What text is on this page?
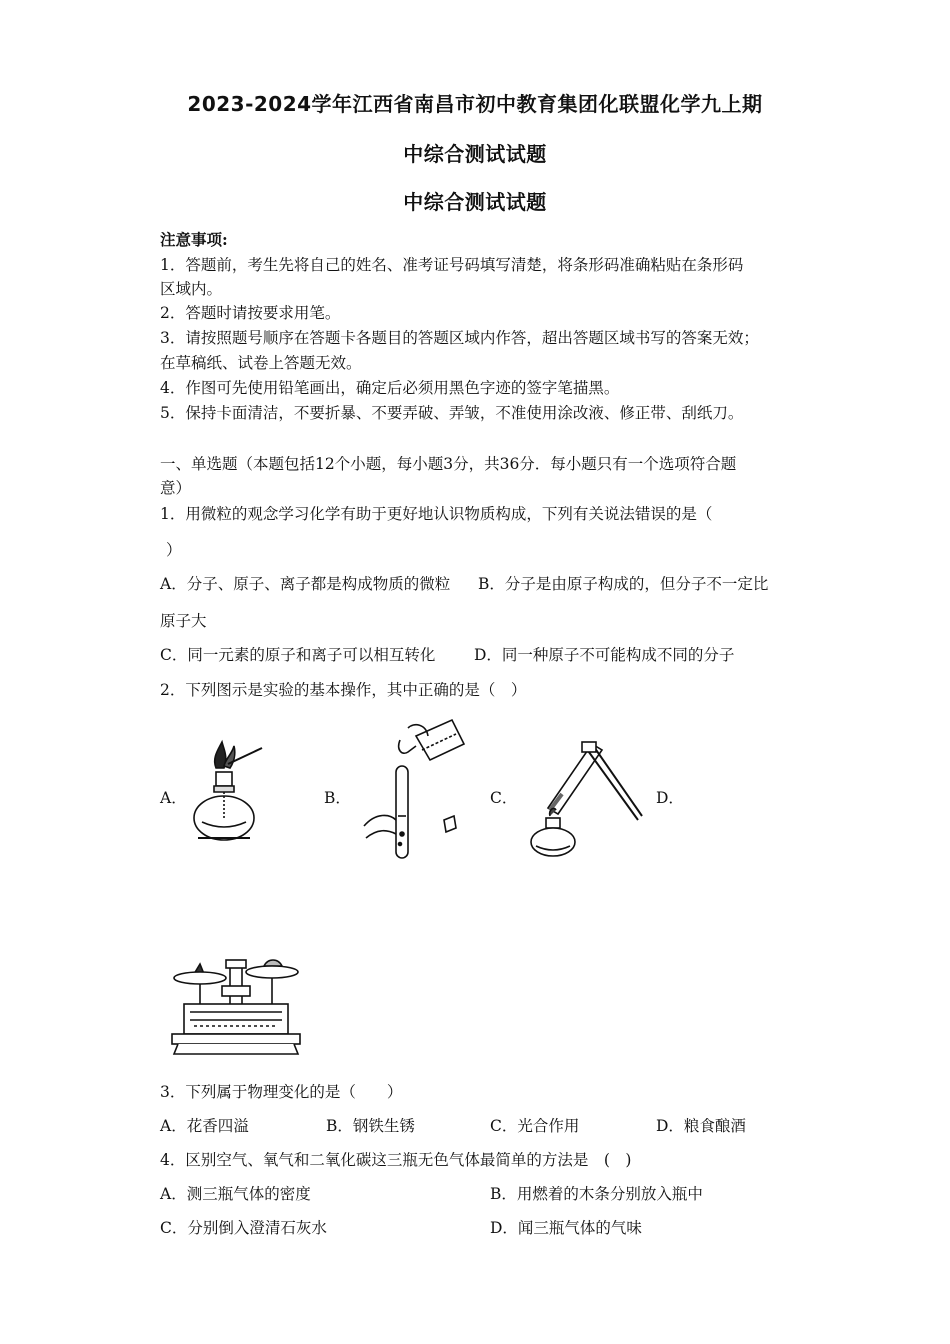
2023-2024学年江西省南昌市初中教育集团化联盟化学九上期
中综合测试试题
中综合测试试题
注意事项:
1．答题前，考生先将自己的姓名、准考证号码填写清楚，将条形码准确粘贴在条形码
区域内。
2．答题时请按要求用笔。
3．请按照题号顺序在答题卡各题目的答题区域内作答，超出答题区域书写的答案无效；
在草稿纸、试卷上答题无效。
4．作图可先使用铅笔画出，确定后必须用黑色字迹的签字笔描黑。
5．保持卡面清洁，不要折暴、不要弄破、弄皱，不准使用涂改液、修正带、刮纸刀。
一、单选题（本题包括12个小题，每小题3分，共36分．每小题只有一个选项符合题
意）
1．用微粒的观念学习化学有助于更好地认识物质构成，下列有关说法错误的是（
）
A．分子、原子、离子都是构成物质的微粒 B．分子是由原子构成的，但分子不一定比
原子大
C．同一元素的原子和离子可以相互转化 D．同一种原子不可能构成不同的分子
2．下列图示是实验的基本操作，其中正确的是（　）
A．	B．	C．	D．
3．下列属于物理变化的是（　　）
A．花香四溢	B．钢铁生锈	C．光合作用	D．粮食酿酒
4．区别空气、氧气和二氧化碳这三瓶无色气体最简单的方法是　(　)
A．测三瓶气体的密度	B．用燃着的木条分别放入瓶中
C．分别倒入澄清石灰水	D．闻三瓶气体的气味
